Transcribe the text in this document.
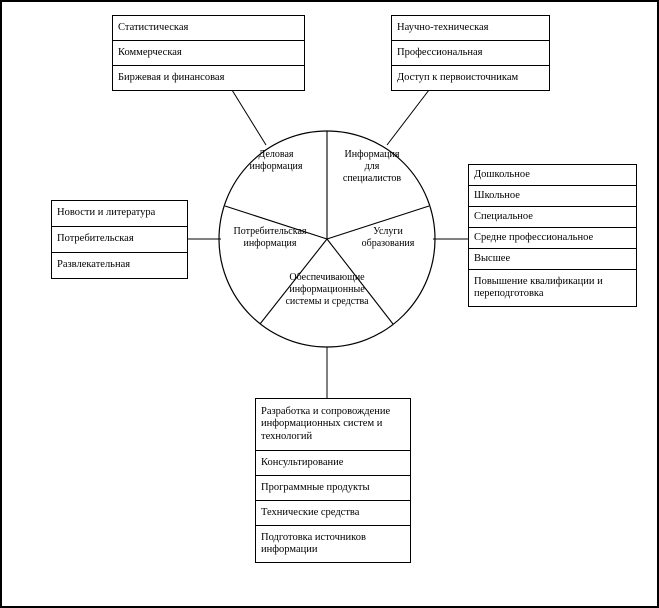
Деловая
информация
Информация
для
специалистов
Услуги
образования
Обеспечивающие
информационные
системы и средства
Потребительская
информация
Статистическая
Коммерческая
Биржевая и финансовая
Научно-техническая
Профессиональная
Доступ к первоисточникам
Новости и литература
Потребительская
Развлекательная
Дошкольное
Школьное
Специальное
Средне профессиональное
Высшее
Повышение квалификации и переподготовка
Разработка и сопровождение информационных систем и технологий
Консультирование
Программные продукты
Технические средства
Подготовка источников информации
